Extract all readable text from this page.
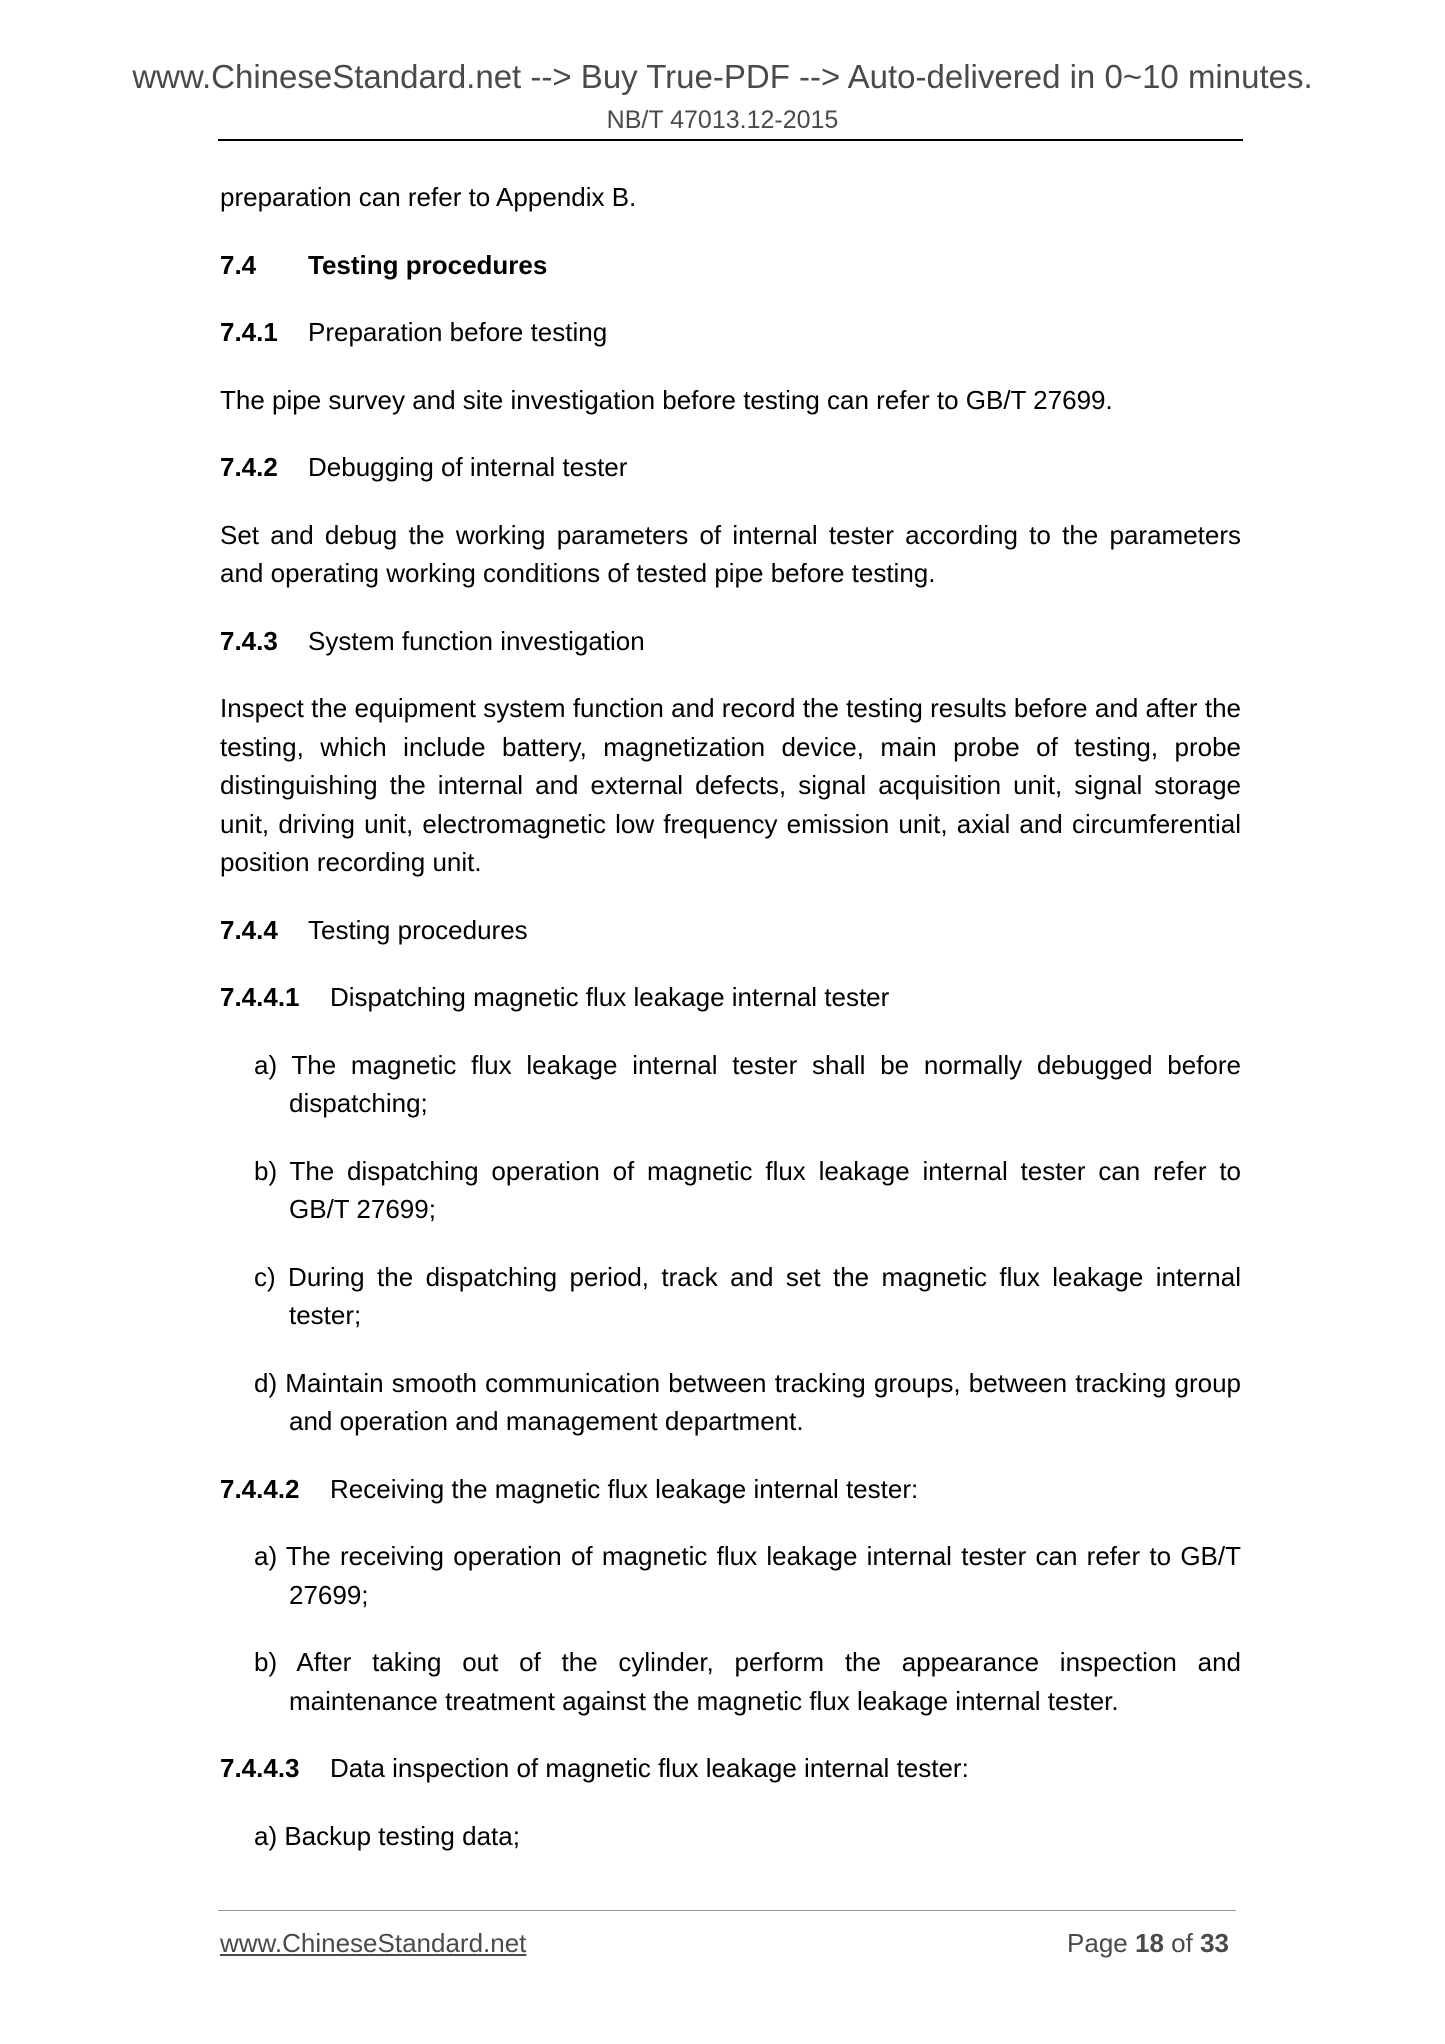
www.ChineseStandard.net --> Buy True-PDF --> Auto-delivered in 0~10 minutes.
NB/T 47013.12-2015

preparation can refer to Appendix B.

7.4 Testing procedures
7.4.1 Preparation before testing

The pipe survey and site investigation before testing can refer to GB/T 27699.

7.4.2 Debugging of internal tester

Set and debug the working parameters of internal tester according to the parameters and operating working conditions of tested pipe before testing.

7.4.3 System function investigation

Inspect the equipment system function and record the testing results before and after the testing, which include battery, magnetization device, main probe of testing, probe distinguishing the internal and external defects, signal acquisition unit, signal storage unit, driving unit, electromagnetic low frequency emission unit, axial and circumferential position recording unit.

7.4.4 Testing procedures
7.4.4.1 Dispatching magnetic flux leakage internal tester

a) The magnetic flux leakage internal tester shall be normally debugged before dispatching;

b) The dispatching operation of magnetic flux leakage internal tester can refer to GB/T 27699;

c) During the dispatching period, track and set the magnetic flux leakage internal tester;

d) Maintain smooth communication between tracking groups, between tracking group and operation and management department.

7.4.4.2 Receiving the magnetic flux leakage internal tester:

a) The receiving operation of magnetic flux leakage internal tester can refer to GB/T 27699;

b) After taking out of the cylinder, perform the appearance inspection and maintenance treatment against the magnetic flux leakage internal tester.

7.4.4.3 Data inspection of magnetic flux leakage internal tester:

a) Backup testing data;

www.ChineseStandard.net	Page 18 of 33
